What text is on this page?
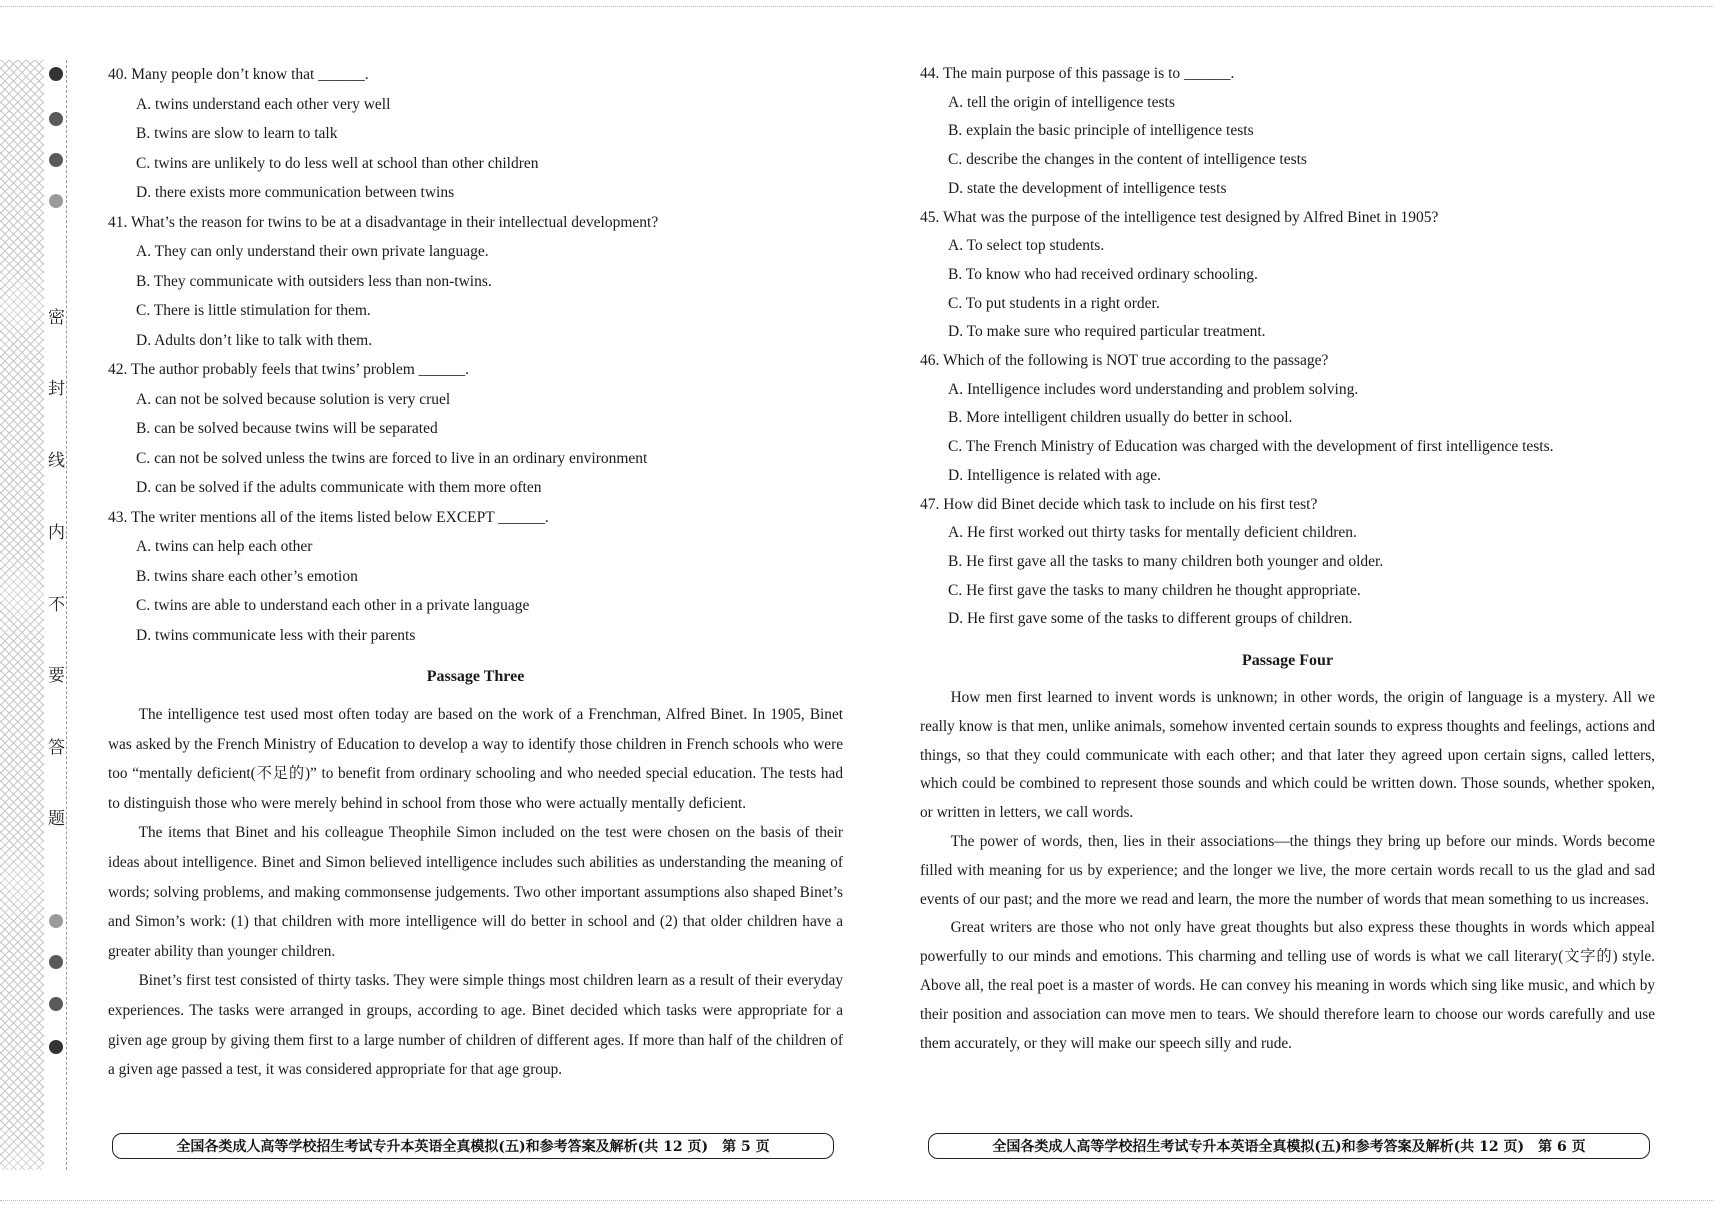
密
封
线
内
不
要
答
题
40. Many people don’t know that ______.
A. twins understand each other very well
B. twins are slow to learn to talk
C. twins are unlikely to do less well at school than other children
D. there exists more communication between twins
41. What’s the reason for twins to be at a disadvantage in their intellectual development?
A. They can only understand their own private language.
B. They communicate with outsiders less than non-twins.
C. There is little stimulation for them.
D. Adults don’t like to talk with them.
42. The author probably feels that twins’ problem ______.
A. can not be solved because solution is very cruel
B. can be solved because twins will be separated
C. can not be solved unless the twins are forced to live in an ordinary environment
D. can be solved if the adults communicate with them more often
43. The writer mentions all of the items listed below EXCEPT ______.
A. twins can help each other
B. twins share each other’s emotion
C. twins are able to understand each other in a private language
D. twins communicate less with their parents
Passage Three

The intelligence test used most often today are based on the work of a Frenchman, Alfred Binet. In 1905, Binet was asked by the French Ministry of Education to develop a way to identify those children in French schools who were too “mentally deficient(不足的)” to benefit from ordinary schooling and who needed special education. The tests had to distinguish those who were merely behind in school from those who were actually mentally deficient.

The items that Binet and his colleague Theophile Simon included on the test were chosen on the basis of their ideas about intelligence. Binet and Simon believed intelligence includes such abilities as understanding the meaning of words; solving problems, and making commonsense judgements. Two other important assumptions also shaped Binet’s and Simon’s work: (1) that children with more intelligence will do better in school and (2) that older children have a greater ability than younger children.

Binet’s first test consisted of thirty tasks. They were simple things most children learn as a result of their everyday experiences. The tasks were arranged in groups, according to age. Binet decided which tasks were appropriate for a given age group by giving them first to a large number of children of different ages. If more than half of the children of a given age passed a test, it was considered appropriate for that age group.

44. The main purpose of this passage is to ______.
A. tell the origin of intelligence tests
B. explain the basic principle of intelligence tests
C. describe the changes in the content of intelligence tests
D. state the development of intelligence tests
45. What was the purpose of the intelligence test designed by Alfred Binet in 1905?
A. To select top students.
B. To know who had received ordinary schooling.
C. To put students in a right order.
D. To make sure who required particular treatment.
46. Which of the following is NOT true according to the passage?
A. Intelligence includes word understanding and problem solving.
B. More intelligent children usually do better in school.
C. The French Ministry of Education was charged with the development of first intelligence tests.
D. Intelligence is related with age.
47. How did Binet decide which task to include on his first test?
A. He first worked out thirty tasks for mentally deficient children.
B. He first gave all the tasks to many children both younger and older.
C. He first gave the tasks to many children he thought appropriate.
D. He first gave some of the tasks to different groups of children.
Passage Four

How men first learned to invent words is unknown; in other words, the origin of language is a mystery. All we really know is that men, unlike animals, somehow invented certain sounds to express thoughts and feelings, actions and things, so that they could communicate with each other; and that later they agreed upon certain signs, called letters, which could be combined to represent those sounds and which could be written down. Those sounds, whether spoken, or written in letters, we call words.

The power of words, then, lies in their associations—the things they bring up before our minds. Words become filled with meaning for us by experience; and the longer we live, the more certain words recall to us the glad and sad events of our past; and the more we read and learn, the more the number of words that mean something to us increases.

Great writers are those who not only have great thoughts but also express these thoughts in words which appeal powerfully to our minds and emotions. This charming and telling use of words is what we call literary(文字的) style. Above all, the real poet is a master of words. He can convey his meaning in words which sing like music, and which by their position and association can move men to tears. We should therefore learn to choose our words carefully and use them accurately, or they will make our speech silly and rude.

全国各类成人高等学校招生考试专升本英语全真模拟(五)和参考答案及解析(共 12 页)　第 5 页	全国各类成人高等学校招生考试专升本英语全真模拟(五)和参考答案及解析(共 12 页)　第 6 页
